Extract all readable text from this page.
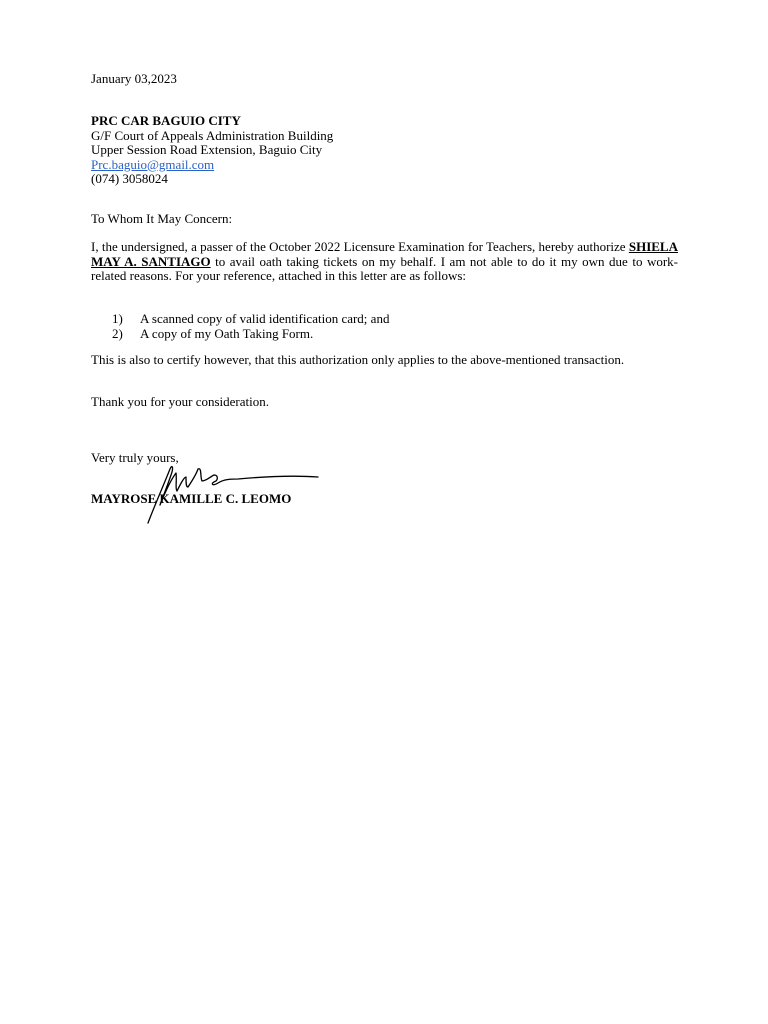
January 03,2023
PRC CAR BAGUIO CITY
G/F Court of Appeals Administration Building
Upper Session Road Extension, Baguio City
Prc.baguio@gmail.com
(074) 3058024
To Whom It May Concern:
I, the undersigned, a passer of the October 2022 Licensure Examination for Teachers, hereby authorize SHIELA MAY A. SANTIAGO to avail oath taking tickets on my behalf. I am not able to do it my own due to work-related reasons. For your reference, attached in this letter are as follows:
1)	A scanned copy of valid identification card; and
2)	A copy of my Oath Taking Form.
This is also to certify however, that this authorization only applies to the above-mentioned transaction.
Thank you for your consideration.
Very truly yours,
MAYROSE KAMILLE C. LEOMO
